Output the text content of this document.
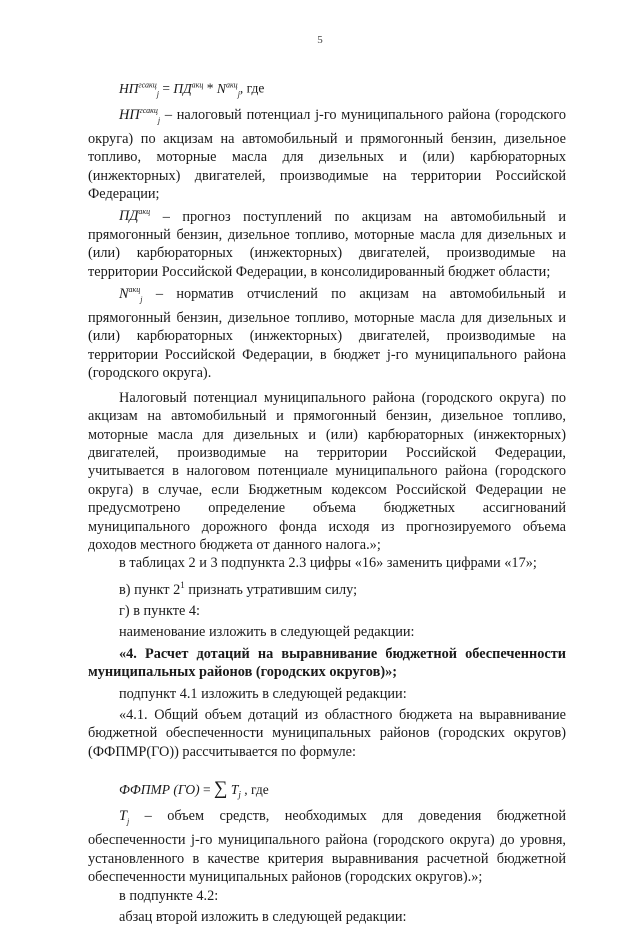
5
$НП^{гсакц}_j = ПД^{акц} * N^{акц}_j$, где

$НП^{гсакц}_j$ – налоговый потенциал j-го муниципального района (городского округа) по акцизам на автомобильный и прямогонный бензин, дизельное топливо, моторные масла для дизельных и (или) карбюраторных (инжекторных) двигателей, производимые на территории Российской Федерации;

$ПД^{акц}$ – прогноз поступлений по акцизам на автомобильный и прямогонный бензин, дизельное топливо, моторные масла для дизельных и (или) карбюраторных (инжекторных) двигателей, производимые на территории Российской Федерации, в консолидированный бюджет области;

$N^{акц}_j$ – норматив отчислений по акцизам на автомобильный и прямогонный бензин, дизельное топливо, моторные масла для дизельных и (или) карбюраторных (инжекторных) двигателей, производимые на территории Российской Федерации, в бюджет j-го муниципального района (городского округа).

Налоговый потенциал муниципального района (городского округа) по акцизам на автомобильный и прямогонный бензин, дизельное топливо, моторные масла для дизельных и (или) карбюраторных (инжекторных) двигателей, производимые на территории Российской Федерации, учитывается в налоговом потенциале муниципального района (городского округа) в случае, если Бюджетным кодексом Российской Федерации не предусмотрено определение объема бюджетных ассигнований муниципального дорожного фонда исходя из прогнозируемого объема доходов местного бюджета от данного налога.»;

в таблицах 2 и 3 подпункта 2.3 цифры «16» заменить цифрами «17»;

в) пункт $2^1$ признать утратившим силу;

г) в пункте 4:

наименование изложить в следующей редакции:

«4. Расчет дотаций на выравнивание бюджетной обеспеченности муниципальных районов (городских округов)»;

подпункт 4.1 изложить в следующей редакции:

«4.1. Общий объем дотаций из областного бюджета на выравнивание бюджетной обеспеченности муниципальных районов (городских округов) (ФФПМР(ГО)) рассчитывается по формуле:

ФФПМР (ГО) = ∑ $T_j$ , где

$T_j$ – объем средств, необходимых для доведения бюджетной обеспеченности j-го муниципального района (городского округа) до уровня, установленного в качестве критерия выравнивания расчетной бюджетной обеспеченности муниципальных районов (городских округов).»;

в подпункте 4.2:

абзац второй изложить в следующей редакции:
